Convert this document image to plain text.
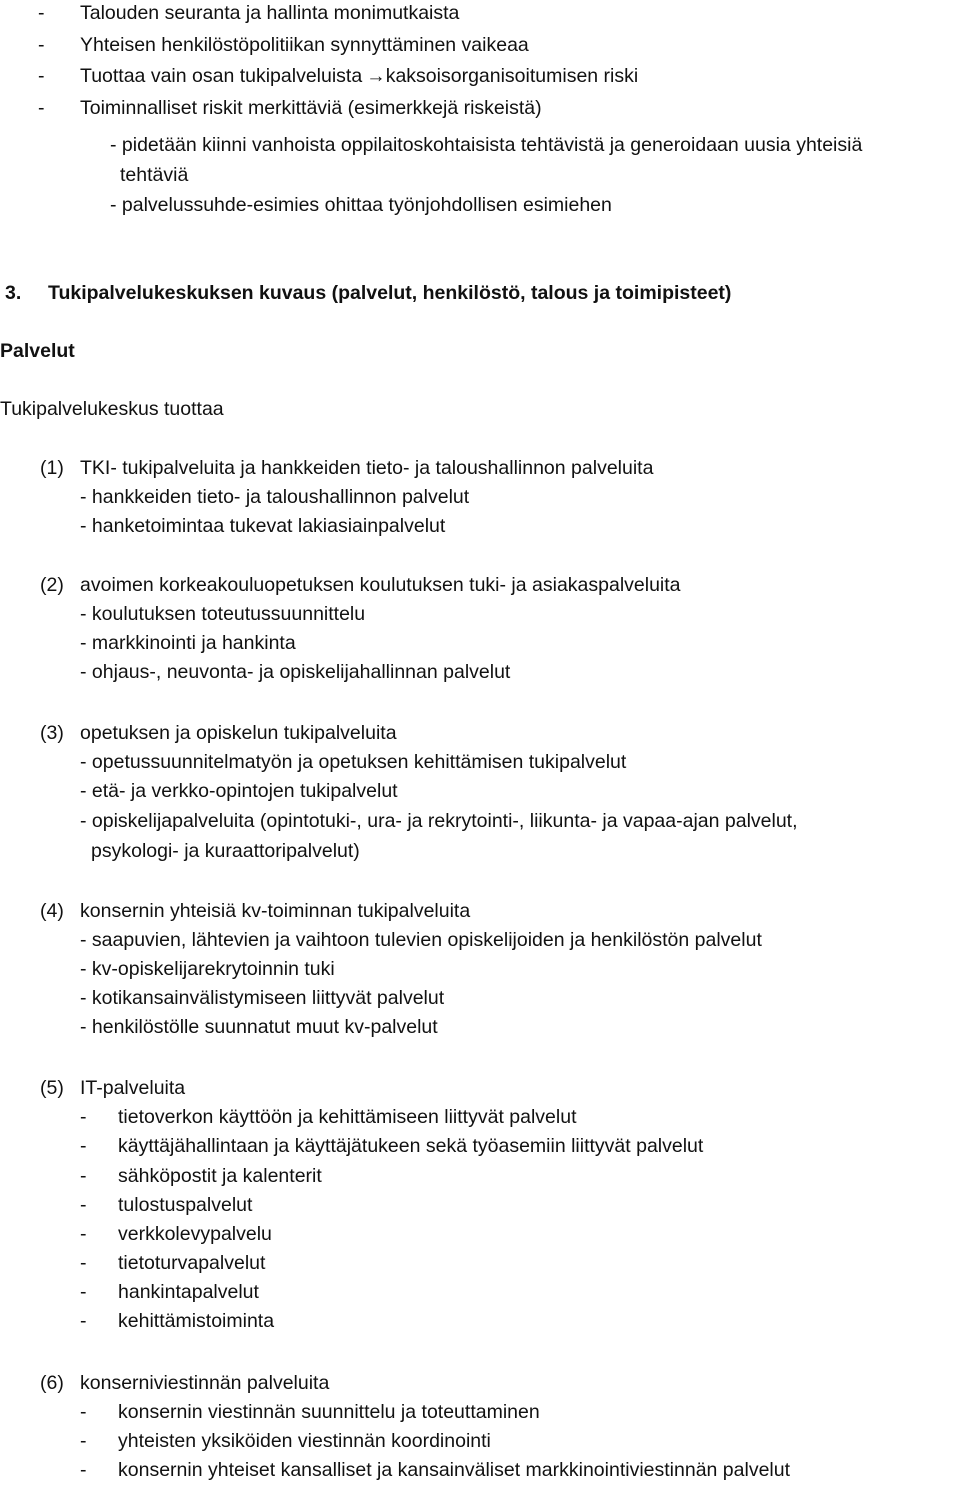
- Talouden seuranta ja hallinta monimutkaista
- Yhteisen henkilöstöpolitiikan synnyttäminen vaikeaa
- Tuottaa vain osan tukipalveluista →kaksoisorganisoitumisen riski
- Toiminnalliset riskit merkittäviä (esimerkkejä riskeistä)
- pidetään kiinni vanhoista oppilaitoskohtaisista tehtävistä ja generoidaan uusia yhteisiä
tehtäviä
- palvelussuhde-esimies ohittaa työnjohdollisen esimiehen
3. Tukipalvelukeskuksen kuvaus (palvelut, henkilöstö, talous ja toimipisteet)
Palvelut
Tukipalvelukeskus tuottaa
(1) TKI- tukipalveluita ja hankkeiden tieto- ja taloushallinnon palveluita
- hankkeiden tieto- ja taloushallinnon palvelut
- hanketoimintaa tukevat lakiasiainpalvelut
(2) avoimen korkeakouluopetuksen koulutuksen tuki- ja asiakaspalveluita
- koulutuksen toteutussuunnittelu
- markkinointi ja hankinta
- ohjaus-, neuvonta- ja opiskelijahallinnan palvelut
(3) opetuksen ja opiskelun tukipalveluita
- opetussuunnitelmatyön ja opetuksen kehittämisen tukipalvelut
- etä- ja verkko-opintojen tukipalvelut
- opiskelijapalveluita (opintotuki-, ura- ja rekrytointi-, liikunta- ja vapaa-ajan palvelut,
psykologi- ja kuraattoripalvelut)
(4) konsernin yhteisiä kv-toiminnan tukipalveluita
- saapuvien, lähtevien ja vaihtoon tulevien opiskelijoiden ja henkilöstön palvelut
- kv-opiskelijarekrytoinnin tuki
- kotikansainvälistymiseen liittyvät palvelut
- henkilöstölle suunnatut muut kv-palvelut
(5) IT-palveluita
- tietoverkon käyttöön ja kehittämiseen liittyvät palvelut
- käyttäjähallintaan ja käyttäjätukeen sekä työasemiin liittyvät palvelut
- sähköpostit ja kalenterit
- tulostuspalvelut
- verkkolevypalvelu
- tietoturvapalvelut
- hankintapalvelut
- kehittämistoiminta
(6) konserniviestinnän palveluita
- konsernin viestinnän suunnittelu ja toteuttaminen
- yhteisten yksiköiden viestinnän koordinointi
- konsernin yhteiset kansalliset ja kansainväliset markkinointiviestinnän palvelut
